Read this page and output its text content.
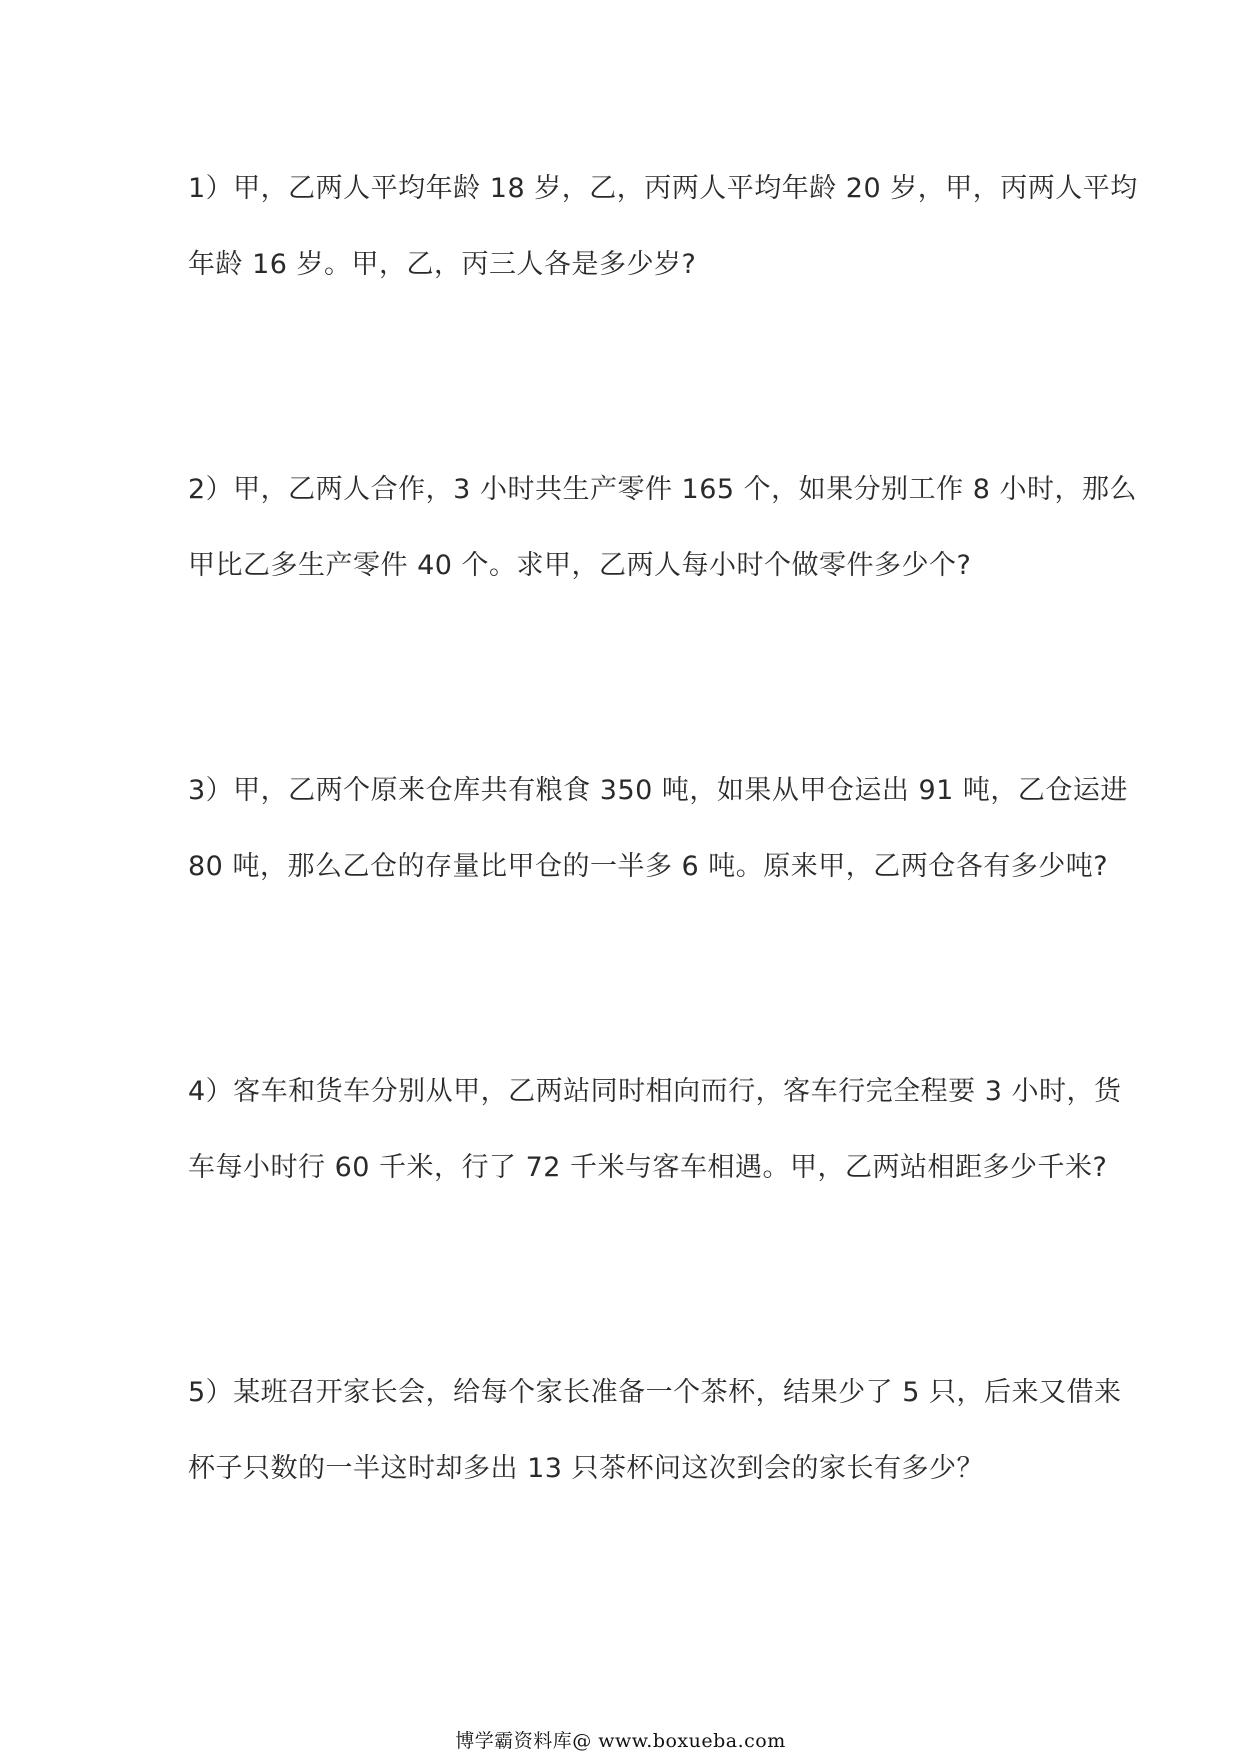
1）甲，乙两人平均年龄 18 岁，乙，丙两人平均年龄 20 岁，甲，丙两人平均
年龄 16 岁。甲，乙，丙三人各是多少岁?
2）甲，乙两人合作，3 小时共生产零件 165 个，如果分别工作 8 小时，那么
甲比乙多生产零件 40 个。求甲，乙两人每小时个做零件多少个?
3）甲，乙两个原来仓库共有粮食 350 吨，如果从甲仓运出 91 吨，乙仓运进
80 吨，那么乙仓的存量比甲仓的一半多 6 吨。原来甲，乙两仓各有多少吨?
4）客车和货车分别从甲，乙两站同时相向而行，客车行完全程要 3 小时，货
车每小时行 60 千米，行了 72 千米与客车相遇。甲，乙两站相距多少千米?
5）某班召开家长会，给每个家长准备一个茶杯，结果少了 5 只，后来又借来
杯子只数的一半这时却多出 13 只茶杯问这次到会的家长有多少？
博学霸资料库@ www.boxueba.com
